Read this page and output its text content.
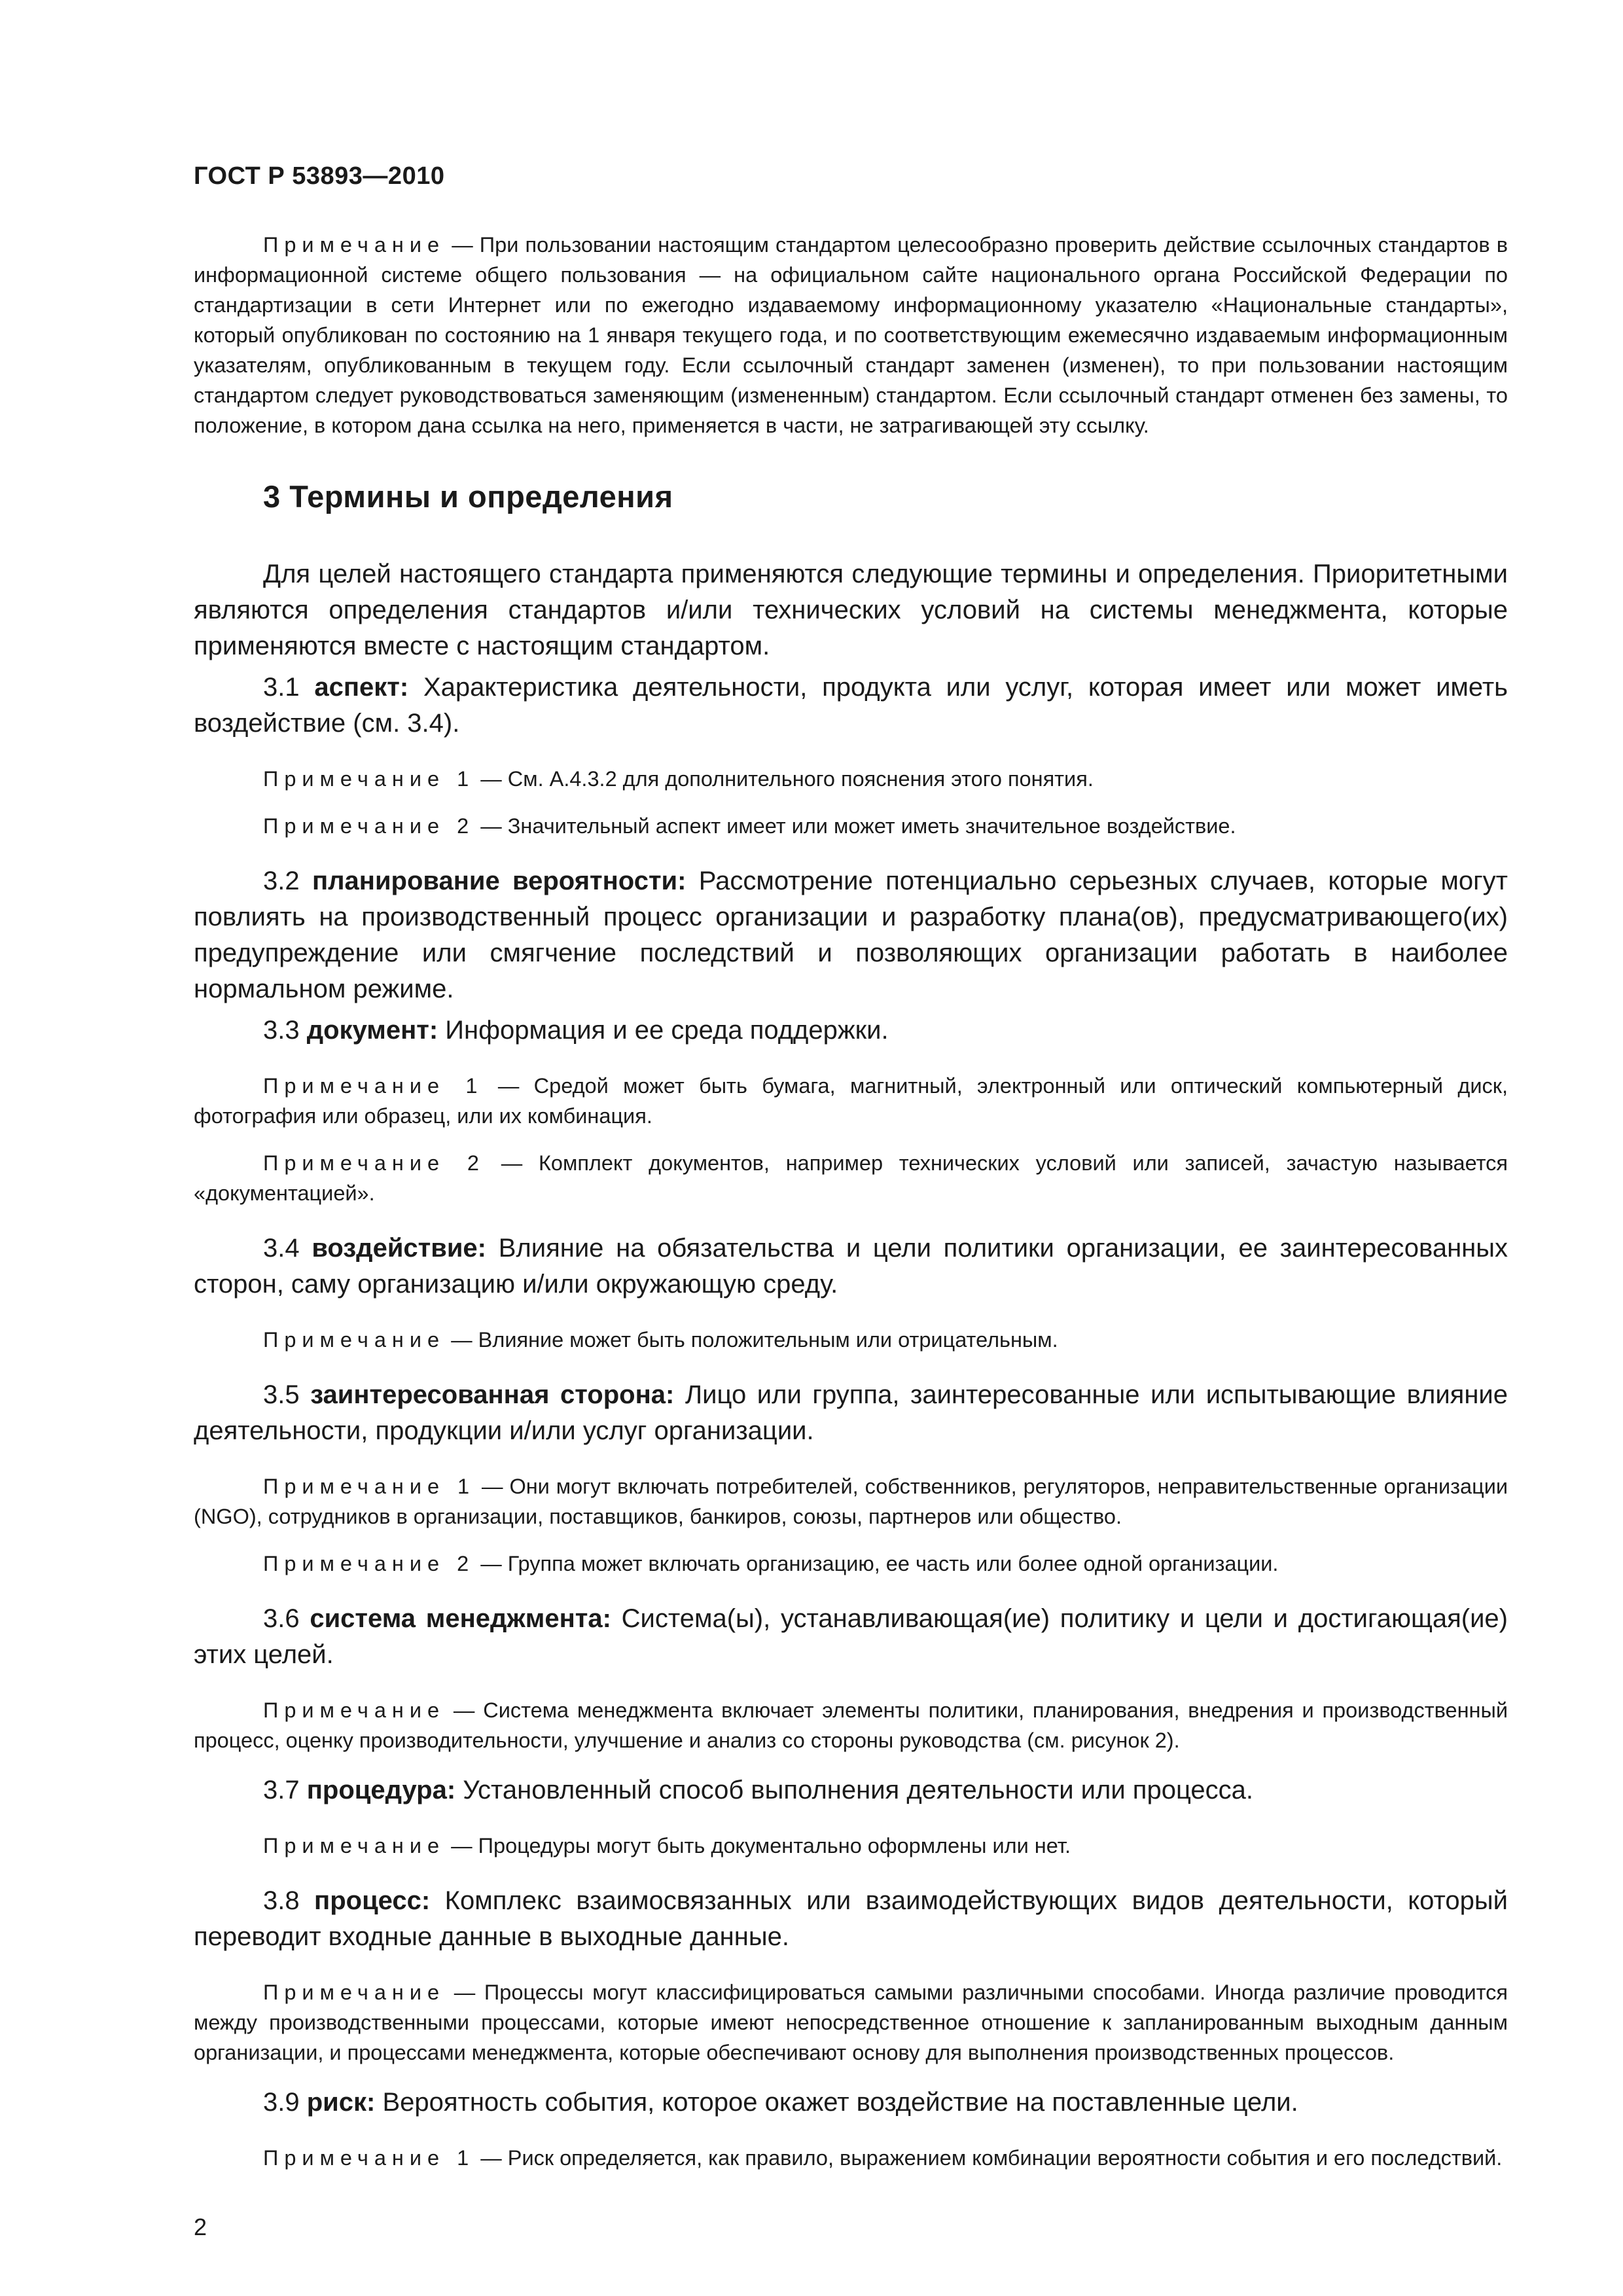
ГОСТ Р 53893—2010

Примечание — При пользовании настоящим стандартом целесообразно проверить действие ссылочных стандартов в информационной системе общего пользования — на официальном сайте национального органа Российской Федерации по стандартизации в сети Интернет или по ежегодно издаваемому информационному указателю «Национальные стандарты», который опубликован по состоянию на 1 января текущего года, и по соответствующим ежемесячно издаваемым информационным указателям, опубликованным в текущем году. Если ссылочный стандарт заменен (изменен), то при пользовании настоящим стандартом следует руководствоваться заменяющим (измененным) стандартом. Если ссылочный стандарт отменен без замены, то положение, в котором дана ссылка на него, применяется в части, не затрагивающей эту ссылку.

3 Термины и определения

Для целей настоящего стандарта применяются следующие термины и определения. Приоритетными являются определения стандартов и/или технических условий на системы менеджмента, которые применяются вместе с настоящим стандартом.

3.1 аспект: Характеристика деятельности, продукта или услуг, которая имеет или может иметь воздействие (см. 3.4).

Примечание 1 — См. А.4.3.2 для дополнительного пояснения этого понятия.

Примечание 2 — Значительный аспект имеет или может иметь значительное воздействие.

3.2 планирование вероятности: Рассмотрение потенциально серьезных случаев, которые могут повлиять на производственный процесс организации и разработку плана(ов), предусматривающего(их) предупреждение или смягчение последствий и позволяющих организации работать в наиболее нормальном режиме.

3.3 документ: Информация и ее среда поддержки.

Примечание 1 — Средой может быть бумага, магнитный, электронный или оптический компьютерный диск, фотография или образец, или их комбинация.

Примечание 2 — Комплект документов, например технических условий или записей, зачастую называется «документацией».

3.4 воздействие: Влияние на обязательства и цели политики организации, ее заинтересованных сторон, саму организацию и/или окружающую среду.

Примечание — Влияние может быть положительным или отрицательным.

3.5 заинтересованная сторона: Лицо или группа, заинтересованные или испытывающие влияние деятельности, продукции и/или услуг организации.

Примечание 1 — Они могут включать потребителей, собственников, регуляторов, неправительственные организации (NGO), сотрудников в организации, поставщиков, банкиров, союзы, партнеров или общество.

Примечание 2 — Группа может включать организацию, ее часть или более одной организации.

3.6 система менеджмента: Система(ы), устанавливающая(ие) политику и цели и достигающая(ие) этих целей.

Примечание — Система менеджмента включает элементы политики, планирования, внедрения и производственный процесс, оценку производительности, улучшение и анализ со стороны руководства (см. рисунок 2).

3.7 процедура: Установленный способ выполнения деятельности или процесса.

Примечание — Процедуры могут быть документально оформлены или нет.

3.8 процесс: Комплекс взаимосвязанных или взаимодействующих видов деятельности, который переводит входные данные в выходные данные.

Примечание — Процессы могут классифицироваться самыми различными способами. Иногда различие проводится между производственными процессами, которые имеют непосредственное отношение к запланированным выходным данным организации, и процессами менеджмента, которые обеспечивают основу для выполнения производственных процессов.

3.9 риск: Вероятность события, которое окажет воздействие на поставленные цели.

Примечание 1 — Риск определяется, как правило, выражением комбинации вероятности события и его последствий.

2
